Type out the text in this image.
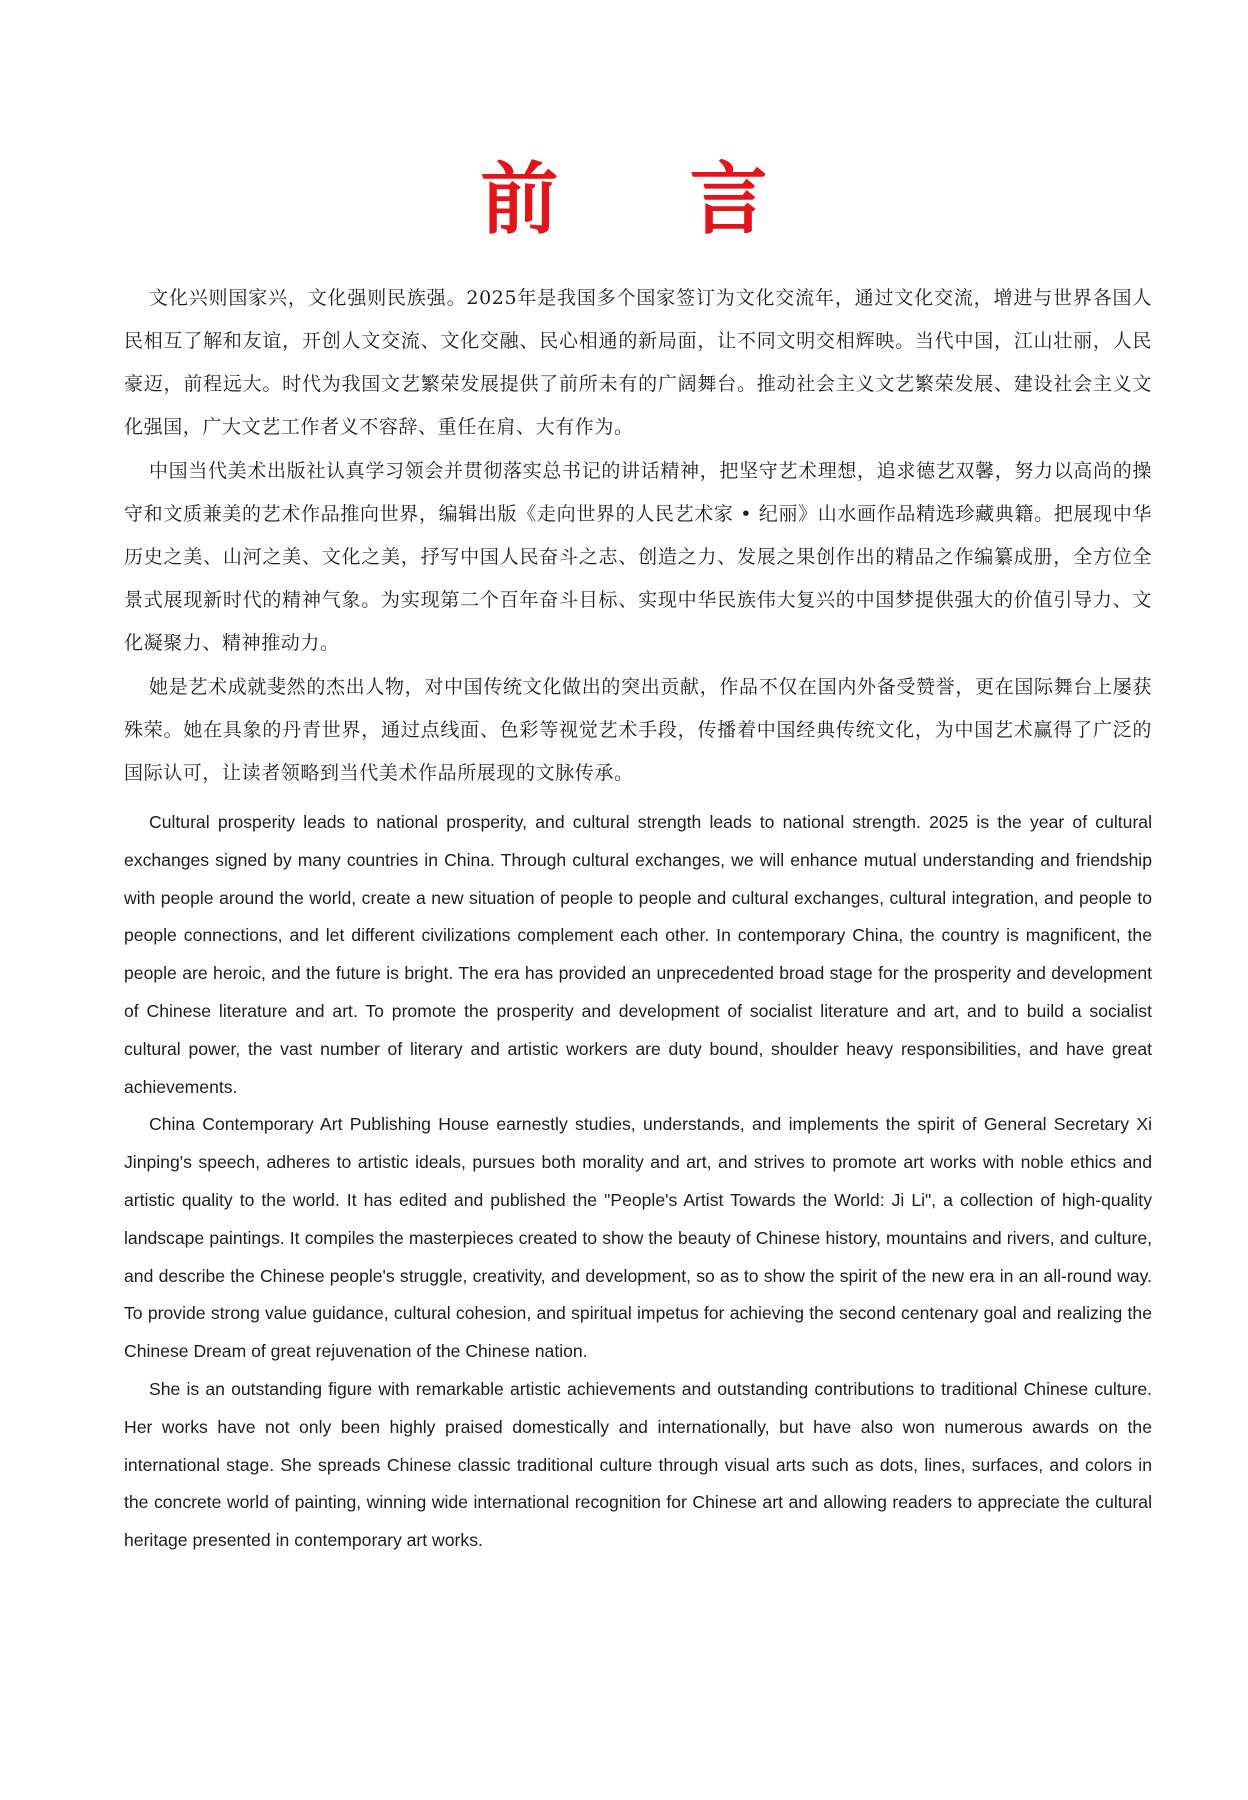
前 言

文化兴则国家兴，文化强则民族强。2025年是我国多个国家签订为文化交流年，通过文化交流，增进与世界各国人民相互了解和友谊，开创人文交流、文化交融、民心相通的新局面，让不同文明交相辉映。当代中国，江山壮丽，人民豪迈，前程远大。时代为我国文艺繁荣发展提供了前所未有的广阔舞台。推动社会主义文艺繁荣发展、建设社会主义文化强国，广大文艺工作者义不容辞、重任在肩、大有作为。

中国当代美术出版社认真学习领会并贯彻落实总书记的讲话精神，把坚守艺术理想，追求德艺双馨，努力以高尚的操守和文质兼美的艺术作品推向世界，编辑出版《走向世界的人民艺术家 • 纪丽》山水画作品精选珍藏典籍。把展现中华历史之美、山河之美、文化之美，抒写中国人民奋斗之志、创造之力、发展之果创作出的精品之作编纂成册，全方位全景式展现新时代的精神气象。为实现第二个百年奋斗目标、实现中华民族伟大复兴的中国梦提供强大的价值引导力、文化凝聚力、精神推动力。

她是艺术成就斐然的杰出人物，对中国传统文化做出的突出贡献，作品不仅在国内外备受赞誉，更在国际舞台上屡获殊荣。她在具象的丹青世界，通过点线面、色彩等视觉艺术手段，传播着中国经典传统文化，为中国艺术赢得了广泛的国际认可，让读者领略到当代美术作品所展现的文脉传承。

Cultural prosperity leads to national prosperity, and cultural strength leads to national strength. 2025 is the year of cultural exchanges signed by many countries in China. Through cultural exchanges, we will enhance mutual understanding and friendship with people around the world, create a new situation of people to people and cultural exchanges, cultural integration, and people to people connections, and let different civilizations complement each other. In contemporary China, the country is magnificent, the people are heroic, and the future is bright. The era has provided an unprecedented broad stage for the prosperity and development of Chinese literature and art. To promote the prosperity and development of socialist literature and art, and to build a socialist cultural power, the vast number of literary and artistic workers are duty bound, shoulder heavy responsibilities, and have great achievements.

China Contemporary Art Publishing House earnestly studies, understands, and implements the spirit of General Secretary Xi Jinping's speech, adheres to artistic ideals, pursues both morality and art, and strives to promote art works with noble ethics and artistic quality to the world. It has edited and published the "People's Artist Towards the World: Ji Li", a collection of high-quality landscape paintings. It compiles the masterpieces created to show the beauty of Chinese history, mountains and rivers, and culture, and describe the Chinese people's struggle, creativity, and development, so as to show the spirit of the new era in an all-round way. To provide strong value guidance, cultural cohesion, and spiritual impetus for achieving the second centenary goal and realizing the Chinese Dream of great rejuvenation of the Chinese nation.

She is an outstanding figure with remarkable artistic achievements and outstanding contributions to traditional Chinese culture. Her works have not only been highly praised domestically and internationally, but have also won numerous awards on the international stage. She spreads Chinese classic traditional culture through visual arts such as dots, lines, surfaces, and colors in the concrete world of painting, winning wide international recognition for Chinese art and allowing readers to appreciate the cultural heritage presented in contemporary art works.
